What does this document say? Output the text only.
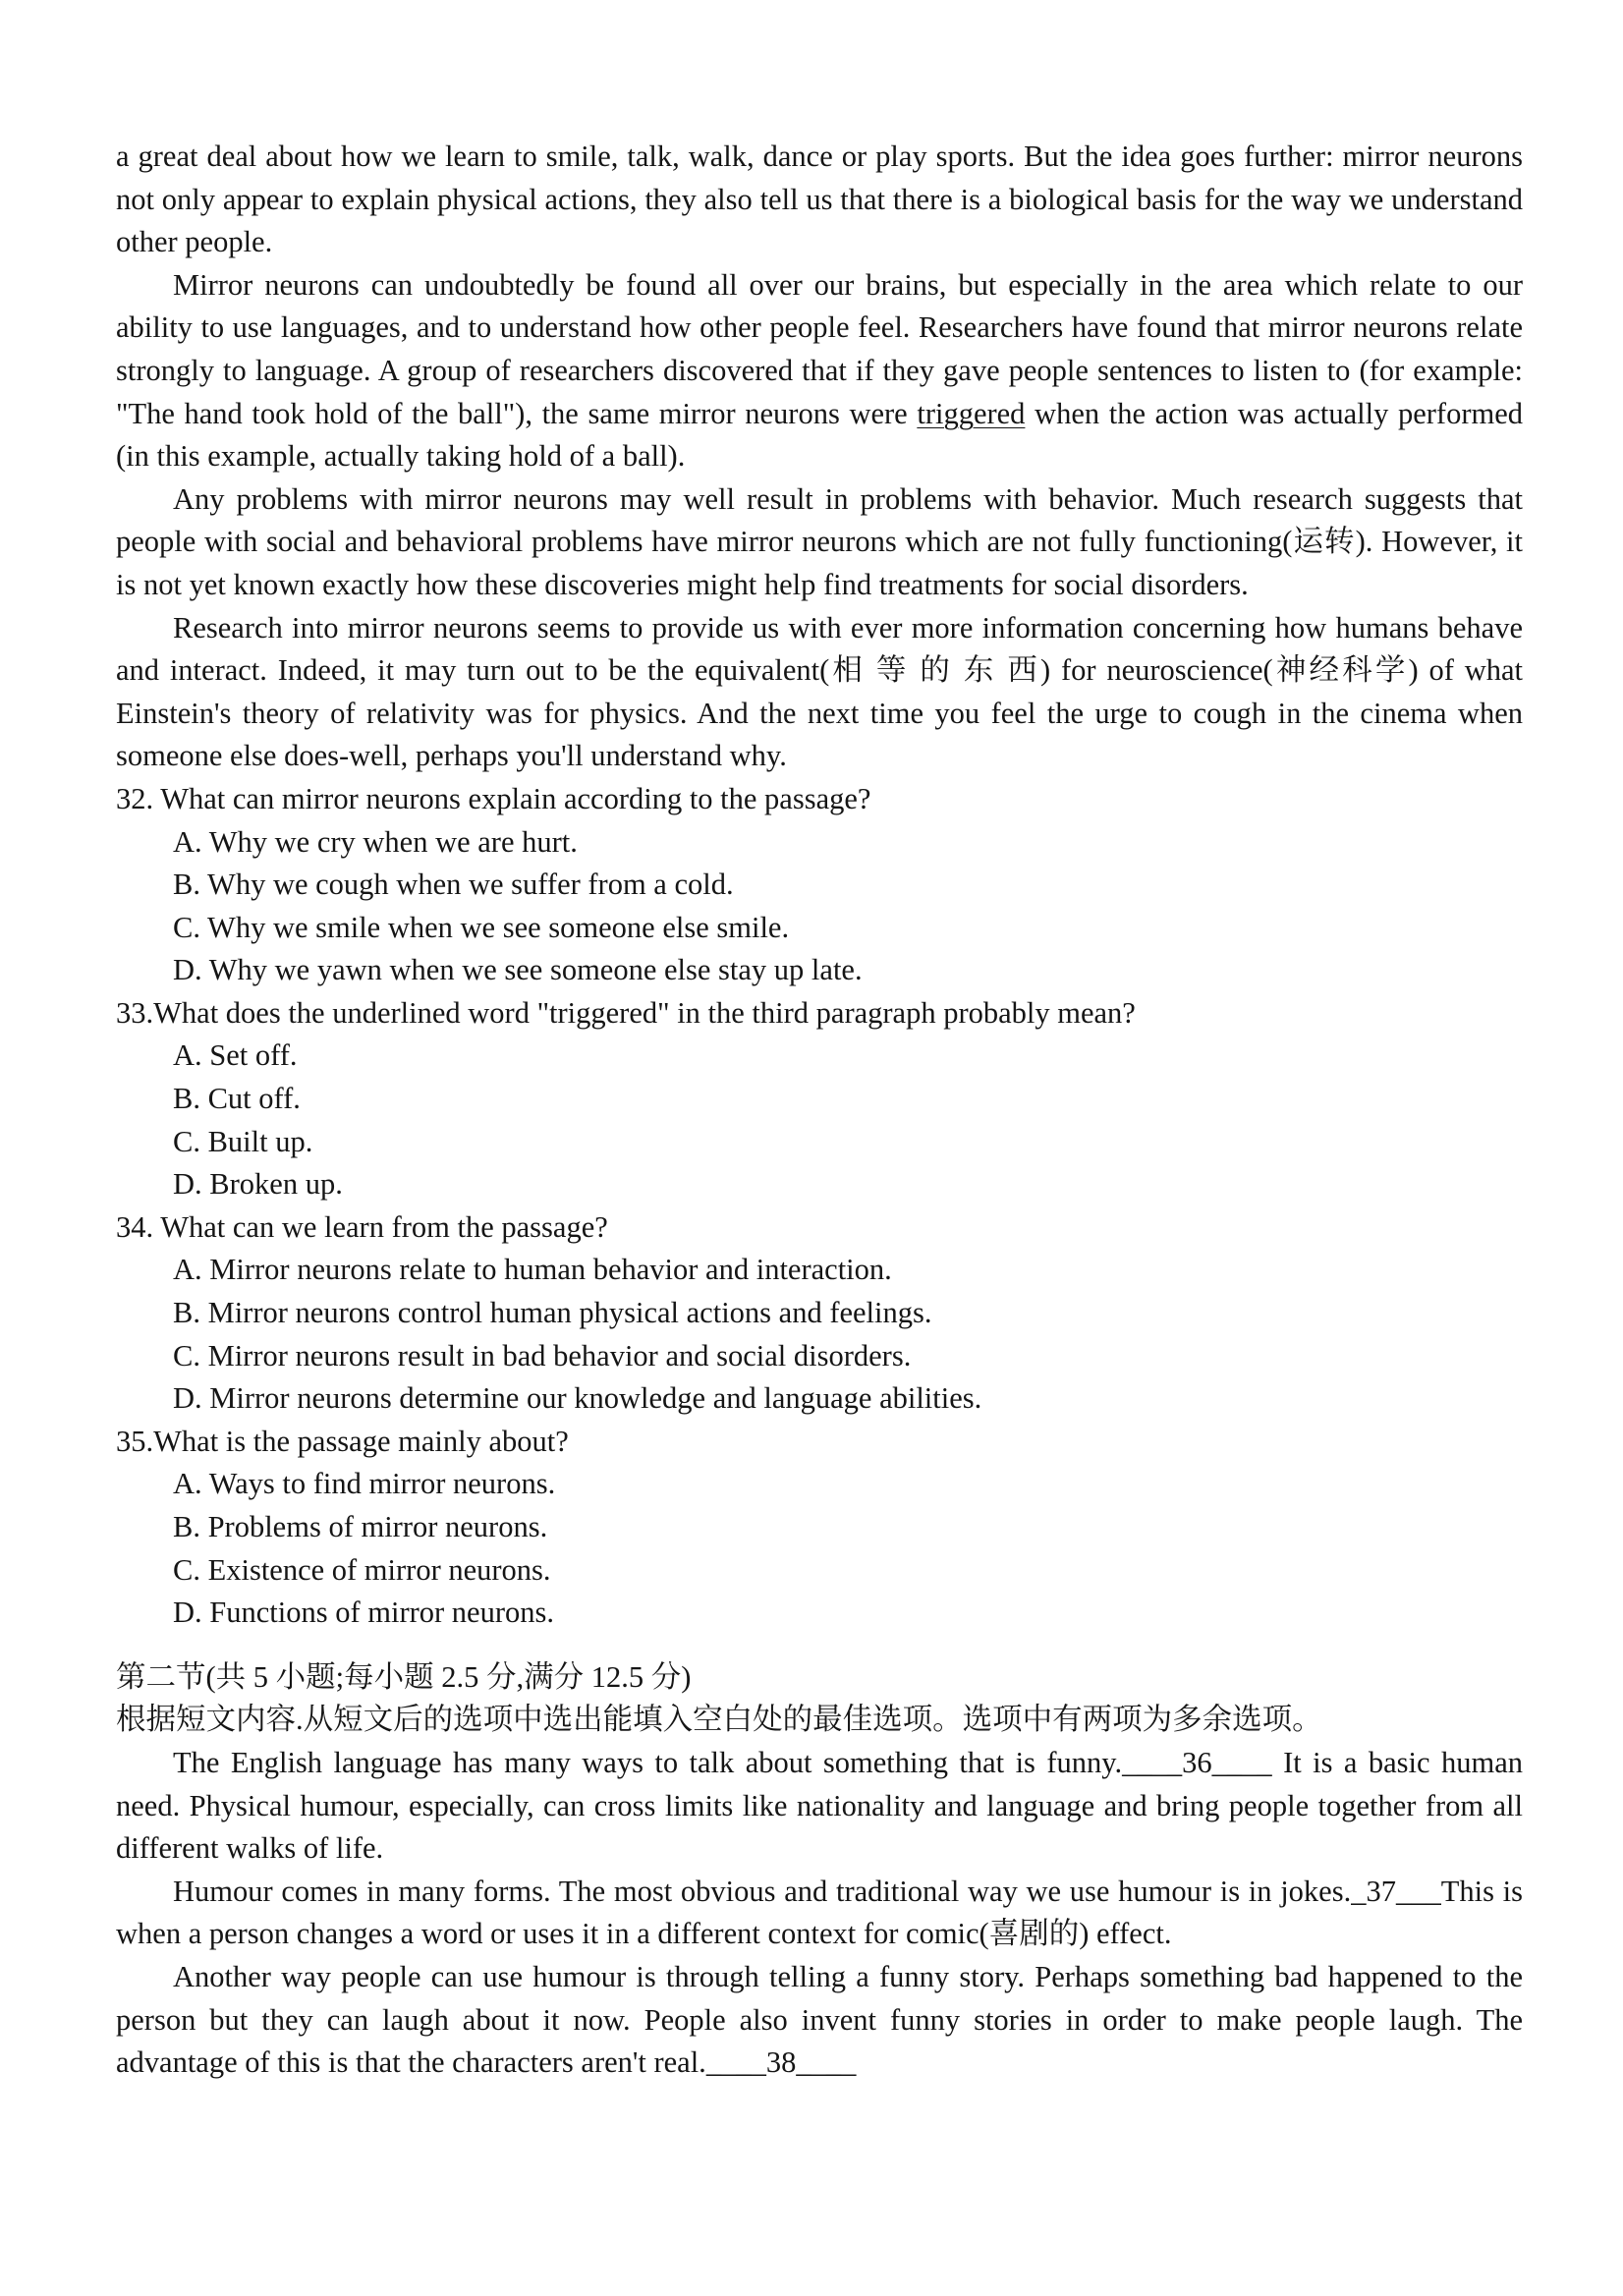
a great deal about how we learn to smile, talk, walk, dance or play sports. But the idea goes further: mirror neurons not only appear to explain physical actions, they also tell us that there is a biological basis for the way we understand other people.

Mirror neurons can undoubtedly be found all over our brains, but especially in the area which relate to our ability to use languages, and to understand how other people feel. Researchers have found that mirror neurons relate strongly to language. A group of researchers discovered that if they gave people sentences to listen to (for example: "The hand took hold of the ball"), the same mirror neurons were triggered when the action was actually performed (in this example, actually taking hold of a ball).

Any problems with mirror neurons may well result in problems with behavior. Much research suggests that people with social and behavioral problems have mirror neurons which are not fully functioning(运转). However, it is not yet known exactly how these discoveries might help find treatments for social disorders.

Research into mirror neurons seems to provide us with ever more information concerning how humans behave and interact. Indeed, it may turn out to be the equivalent(相 等 的 东 西) for neuroscience(神经科学) of what Einstein's theory of relativity was for physics. And the next time you feel the urge to cough in the cinema when someone else does-well, perhaps you'll understand why.

32. What can mirror neurons explain according to the passage?

A. Why we cry when we are hurt.

B. Why we cough when we suffer from a cold.

C. Why we smile when we see someone else smile.

D. Why we yawn when we see someone else stay up late.

33.What does the underlined word "triggered" in the third paragraph probably mean?

A. Set off.

B. Cut off.

C. Built up.

D. Broken up.

34. What can we learn from the passage?

A. Mirror neurons relate to human behavior and interaction.

B. Mirror neurons control human physical actions and feelings.

C. Mirror neurons result in bad behavior and social disorders.

D. Mirror neurons determine our knowledge and language abilities.

35.What is the passage mainly about?

A. Ways to find mirror neurons.

B. Problems of mirror neurons.

C. Existence of mirror neurons.

D. Functions of mirror neurons.

第二节(共 5 小题;每小题 2.5 分,满分 12.5 分)

根据短文内容.从短文后的选项中选出能填入空白处的最佳选项。选项中有两项为多余选项。

The English language has many ways to talk about something that is funny.____36____ It is a basic human need. Physical humour, especially, can cross limits like nationality and language and bring people together from all different walks of life.

Humour comes in many forms. The most obvious and traditional way we use humour is in jokes._37___This is when a person changes a word or uses it in a different context for comic(喜剧的) effect.

Another way people can use humour is through telling a funny story. Perhaps something bad happened to the person but they can laugh about it now. People also invent funny stories in order to make people laugh. The advantage of this is that the characters aren't real.____38____
